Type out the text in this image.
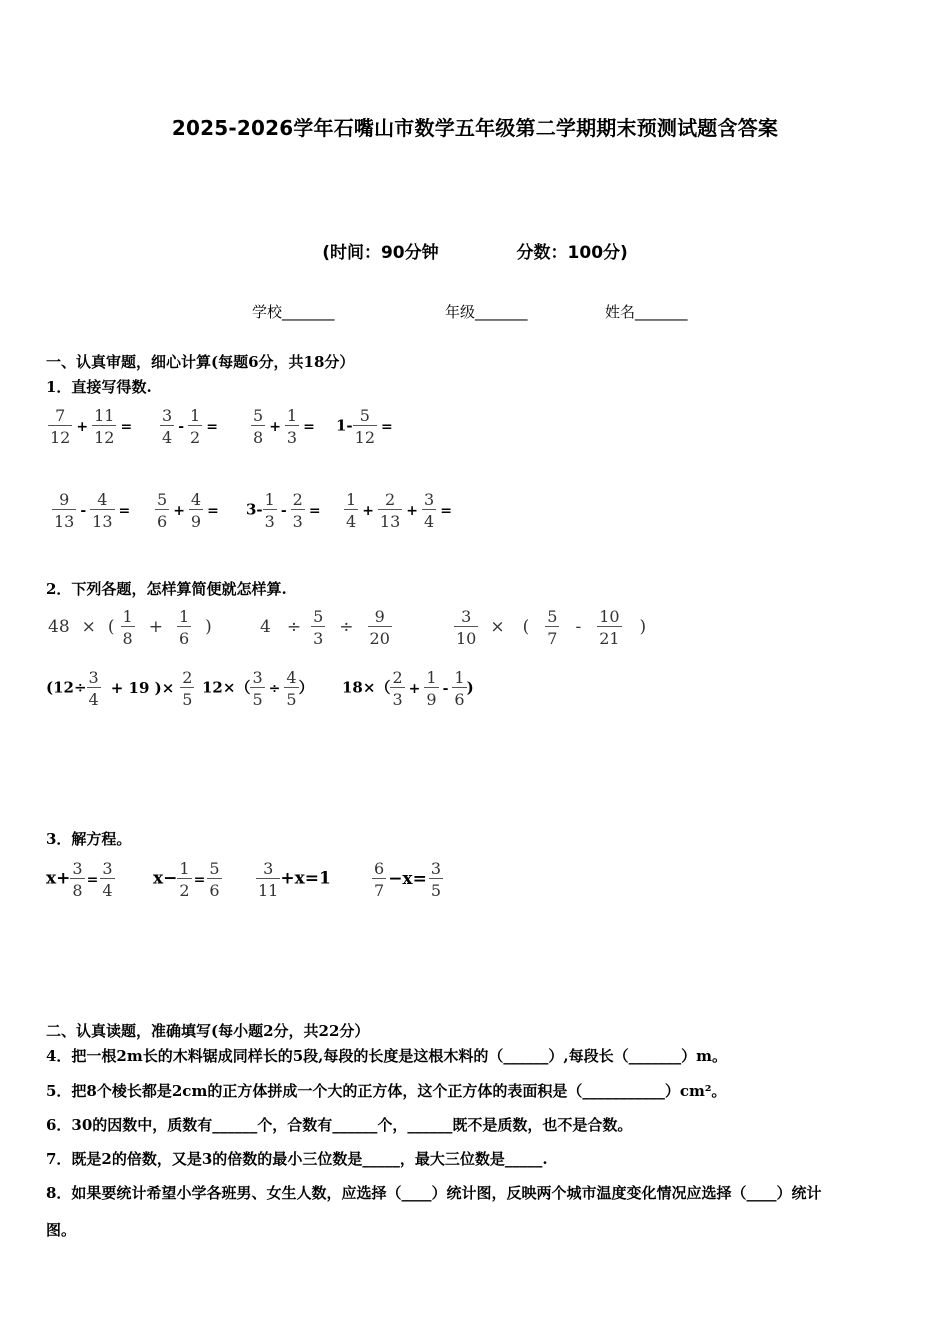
2025-2026学年石嘴山市数学五年级第二学期期末预测试题含答案
(时间：90分钟	分数：100分)
学校_______	年级_______	姓名_______
一、认真审题，细心计算(每题6分，共18分）
1．直接写得数.
$\frac{7}{12} + \frac{11}{12} = \frac{3}{4} - \frac{1}{2} = \frac{5}{8} + \frac{1}{3} = 1- \frac{5}{12}$ =
$\frac{9}{13} - \frac{4}{13} = \frac{5}{6} + \frac{4}{9} = 3- \frac{1}{3} - \frac{2}{3} = \frac{1}{4} + \frac{2}{13} + \frac{3}{4}$ =
2．下列各题，怎样算简便就怎样算.
48 × ( $\frac{1}{8} + \frac{1}{6}$ )	$4 \div \frac{5}{3} \div \frac{9}{20}$	$\frac{3}{10}$ × ( $\frac{5}{7} - \frac{10}{21}$ )
($12\div \frac{3}{4} + 19$ )× $\frac{2}{5} 12\times( \frac{3}{5} \div \frac{4}{5}$ ） $18\times( \frac{2}{3} + \frac{1}{9} - \frac{1}{6}$ )
3．解方程。
$x+ \frac{3}{8} = \frac{3}{4} x- \frac{1}{2} = \frac{5}{6} \frac{3}{11} +x=1$	$\frac{6}{7} -x= \frac{3}{5}$
二、认真读题，准确填写(每小题2分，共22分）
4．把一根2m长的木料锯成同样长的5段,每段的长度是这根木料的（______）,每段长（_______）m。
5．把8个棱长都是2cm的正方体拼成一个大的正方体，这个正方体的表面积是（___________）cm²。
6．30的因数中，质数有______个，合数有______个，______既不是质数，也不是合数。
7．既是2的倍数，又是3的倍数的最小三位数是_____，最大三位数是_____.
8．如果要统计希望小学各班男、女生人数，应选择（____）统计图，反映两个城市温度变化情况应选择（____）统计
图。
